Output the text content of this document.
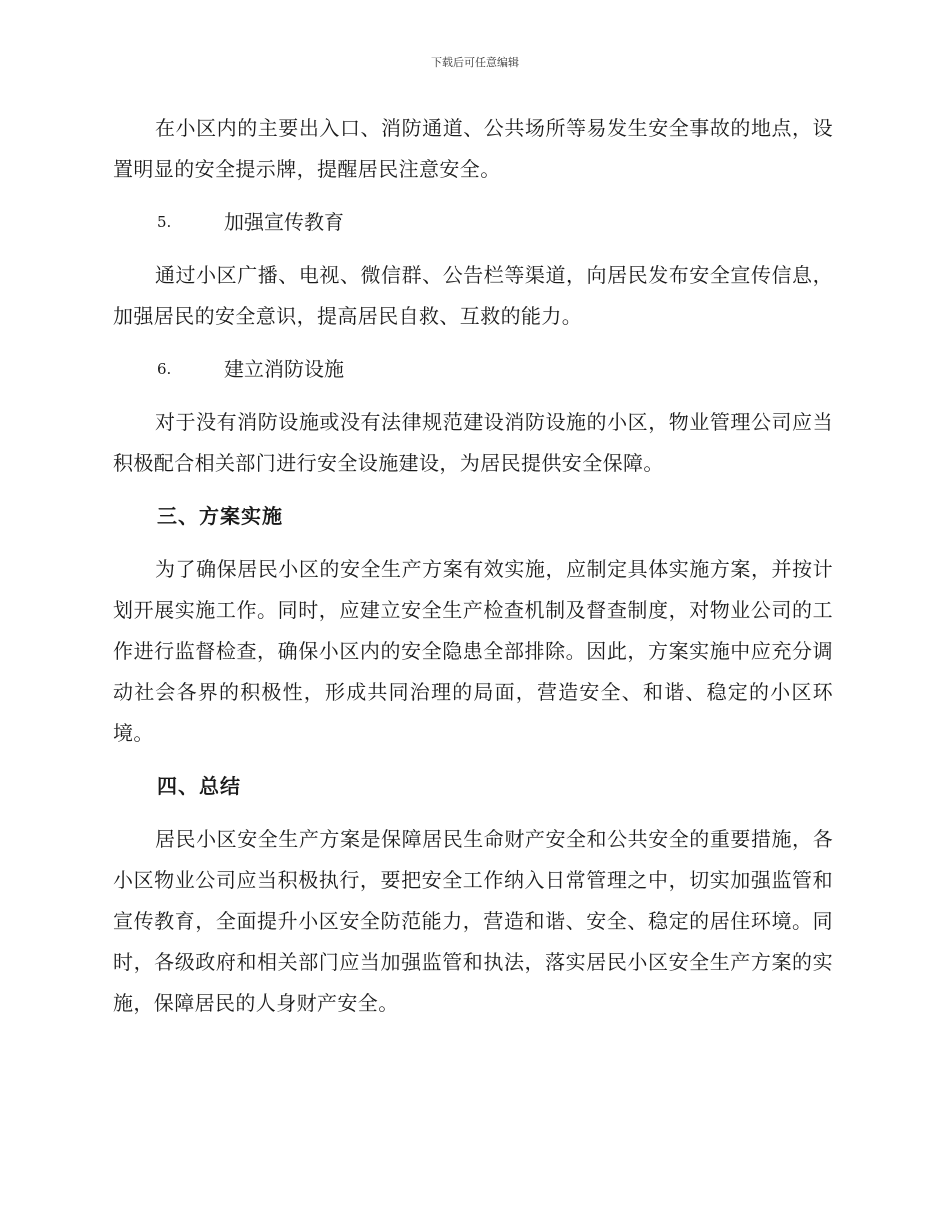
下载后可任意编辑

在小区内的主要出入口、消防通道、公共场所等易发生安全事故的地点，设置明显的安全提示牌，提醒居民注意安全。

5.	加强宣传教育

通过小区广播、电视、微信群、公告栏等渠道，向居民发布安全宣传信息，加强居民的安全意识，提高居民自救、互救的能力。

6.	建立消防设施

对于没有消防设施或没有法律规范建设消防设施的小区，物业管理公司应当积极配合相关部门进行安全设施建设，为居民提供安全保障。

三、方案实施

为了确保居民小区的安全生产方案有效实施，应制定具体实施方案，并按计划开展实施工作。同时，应建立安全生产检查机制及督查制度，对物业公司的工作进行监督检查，确保小区内的安全隐患全部排除。因此，方案实施中应充分调动社会各界的积极性，形成共同治理的局面，营造安全、和谐、稳定的小区环境。

四、总结

居民小区安全生产方案是保障居民生命财产安全和公共安全的重要措施，各小区物业公司应当积极执行，要把安全工作纳入日常管理之中，切实加强监管和宣传教育，全面提升小区安全防范能力，营造和谐、安全、稳定的居住环境。同时，各级政府和相关部门应当加强监管和执法，落实居民小区安全生产方案的实施，保障居民的人身财产安全。
